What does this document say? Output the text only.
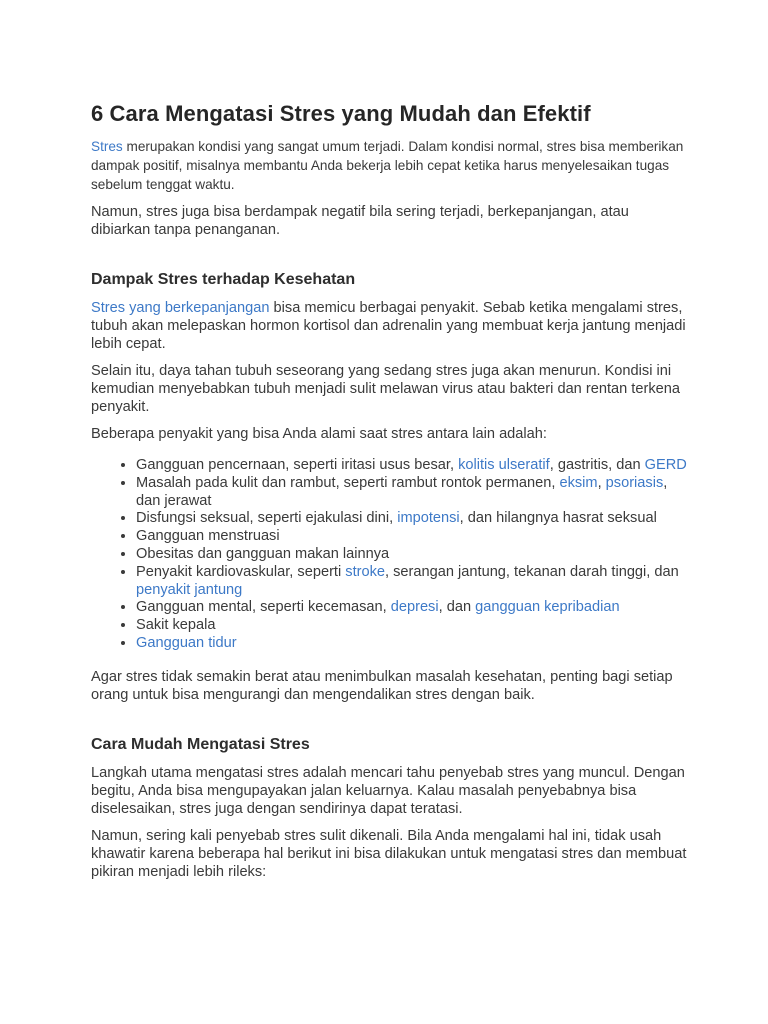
6 Cara Mengatasi Stres yang Mudah dan Efektif

Stres merupakan kondisi yang sangat umum terjadi. Dalam kondisi normal, stres bisa memberikan dampak positif, misalnya membantu Anda bekerja lebih cepat ketika harus menyelesaikan tugas sebelum tenggat waktu.

Namun, stres juga bisa berdampak negatif bila sering terjadi, berkepanjangan, atau dibiarkan tanpa penanganan.

Dampak Stres terhadap Kesehatan

Stres yang berkepanjangan bisa memicu berbagai penyakit. Sebab ketika mengalami stres, tubuh akan melepaskan hormon kortisol dan adrenalin yang membuat kerja jantung menjadi lebih cepat.

Selain itu, daya tahan tubuh seseorang yang sedang stres juga akan menurun. Kondisi ini kemudian menyebabkan tubuh menjadi sulit melawan virus atau bakteri dan rentan terkena penyakit.

Beberapa penyakit yang bisa Anda alami saat stres antara lain adalah:

• Gangguan pencernaan, seperti iritasi usus besar, kolitis ulseratif, gastritis, dan GERD
• Masalah pada kulit dan rambut, seperti rambut rontok permanen, eksim, psoriasis, dan jerawat
• Disfungsi seksual, seperti ejakulasi dini, impotensi, dan hilangnya hasrat seksual
• Gangguan menstruasi
• Obesitas dan gangguan makan lainnya
• Penyakit kardiovaskular, seperti stroke, serangan jantung, tekanan darah tinggi, dan penyakit jantung
• Gangguan mental, seperti kecemasan, depresi, dan gangguan kepribadian
• Sakit kepala
• Gangguan tidur

Agar stres tidak semakin berat atau menimbulkan masalah kesehatan, penting bagi setiap orang untuk bisa mengurangi dan mengendalikan stres dengan baik.

Cara Mudah Mengatasi Stres

Langkah utama mengatasi stres adalah mencari tahu penyebab stres yang muncul. Dengan begitu, Anda bisa mengupayakan jalan keluarnya. Kalau masalah penyebabnya bisa diselesaikan, stres juga dengan sendirinya dapat teratasi.

Namun, sering kali penyebab stres sulit dikenali. Bila Anda mengalami hal ini, tidak usah khawatir karena beberapa hal berikut ini bisa dilakukan untuk mengatasi stres dan membuat pikiran menjadi lebih rileks:
